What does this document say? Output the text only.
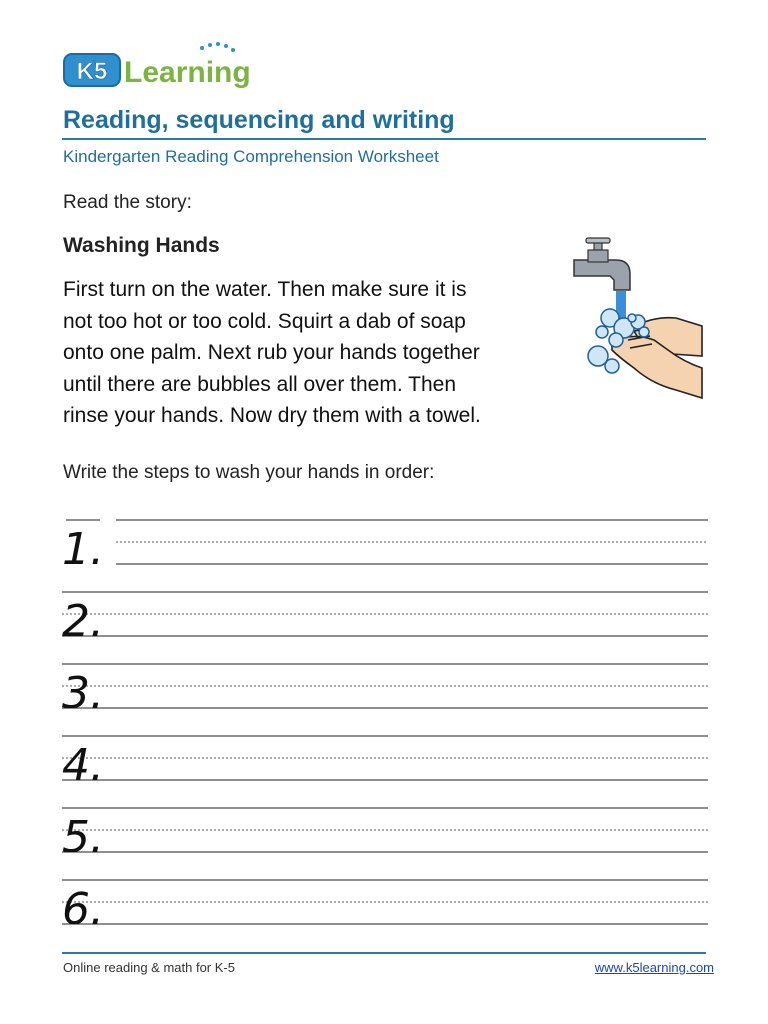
K5 Learning
Reading, sequencing and writing
Kindergarten Reading Comprehension Worksheet
Read the story:
Washing Hands
First turn on the water. Then make sure it is
not too hot or too cold. Squirt a dab of soap
onto one palm. Next rub your hands together
until there are bubbles all over them. Then
rinse your hands. Now dry them with a towel.
Write the steps to wash your hands in order:
1.
2.
3.
4.
5.
6.
Online reading & math for K-5	www.k5learning.com
